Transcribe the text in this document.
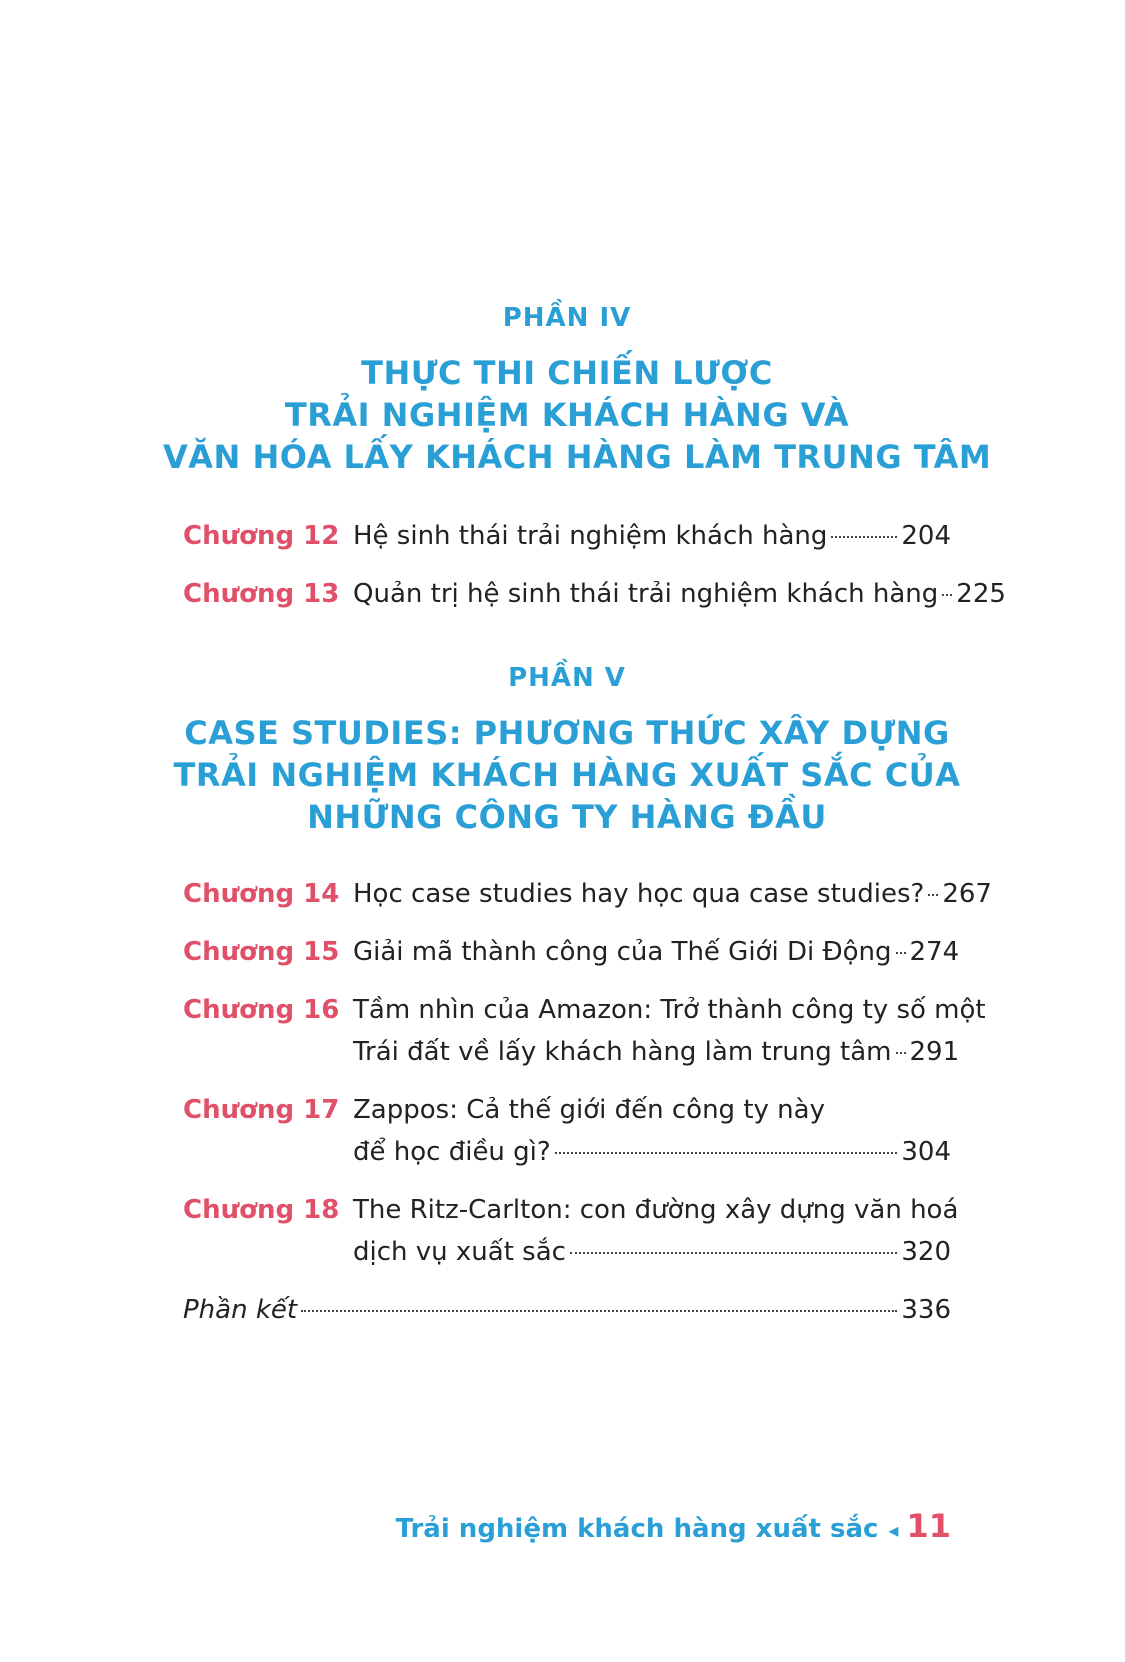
PHẦN IV
THỰC THI CHIẾN LƯỢC
TRẢI NGHIỆM KHÁCH HÀNG VÀ
VĂN HÓA LẤY KHÁCH HÀNG LÀM TRUNG TÂM
Chương 12 Hệ sinh thái trải nghiệm khách hàng	204
Chương 13 Quản trị hệ sinh thái trải nghiệm khách hàng 225
PHẦN V
CASE STUDIES: PHƯƠNG THỨC XÂY DỰNG
TRẢI NGHIỆM KHÁCH HÀNG XUẤT SẮC CỦA
NHỮNG CÔNG TY HÀNG ĐẦU
Chương 14 Học case studies hay học qua case studies? 267
Chương 15 Giải mã thành công của Thế Giới Di Động 274
Chương 16 Tầm nhìn của Amazon: Trở thành công ty số một
Trái đất về lấy khách hàng làm trung tâm 291
Chương 17 Zappos: Cả thế giới đến công ty này
để học điều gì?	304
Chương 18 The Ritz-Carlton: con đường xây dựng văn hoá
dịch vụ xuất sắc	320
Phần kết	336
Trải nghiệm khách hàng xuất sắc ◂ 11
